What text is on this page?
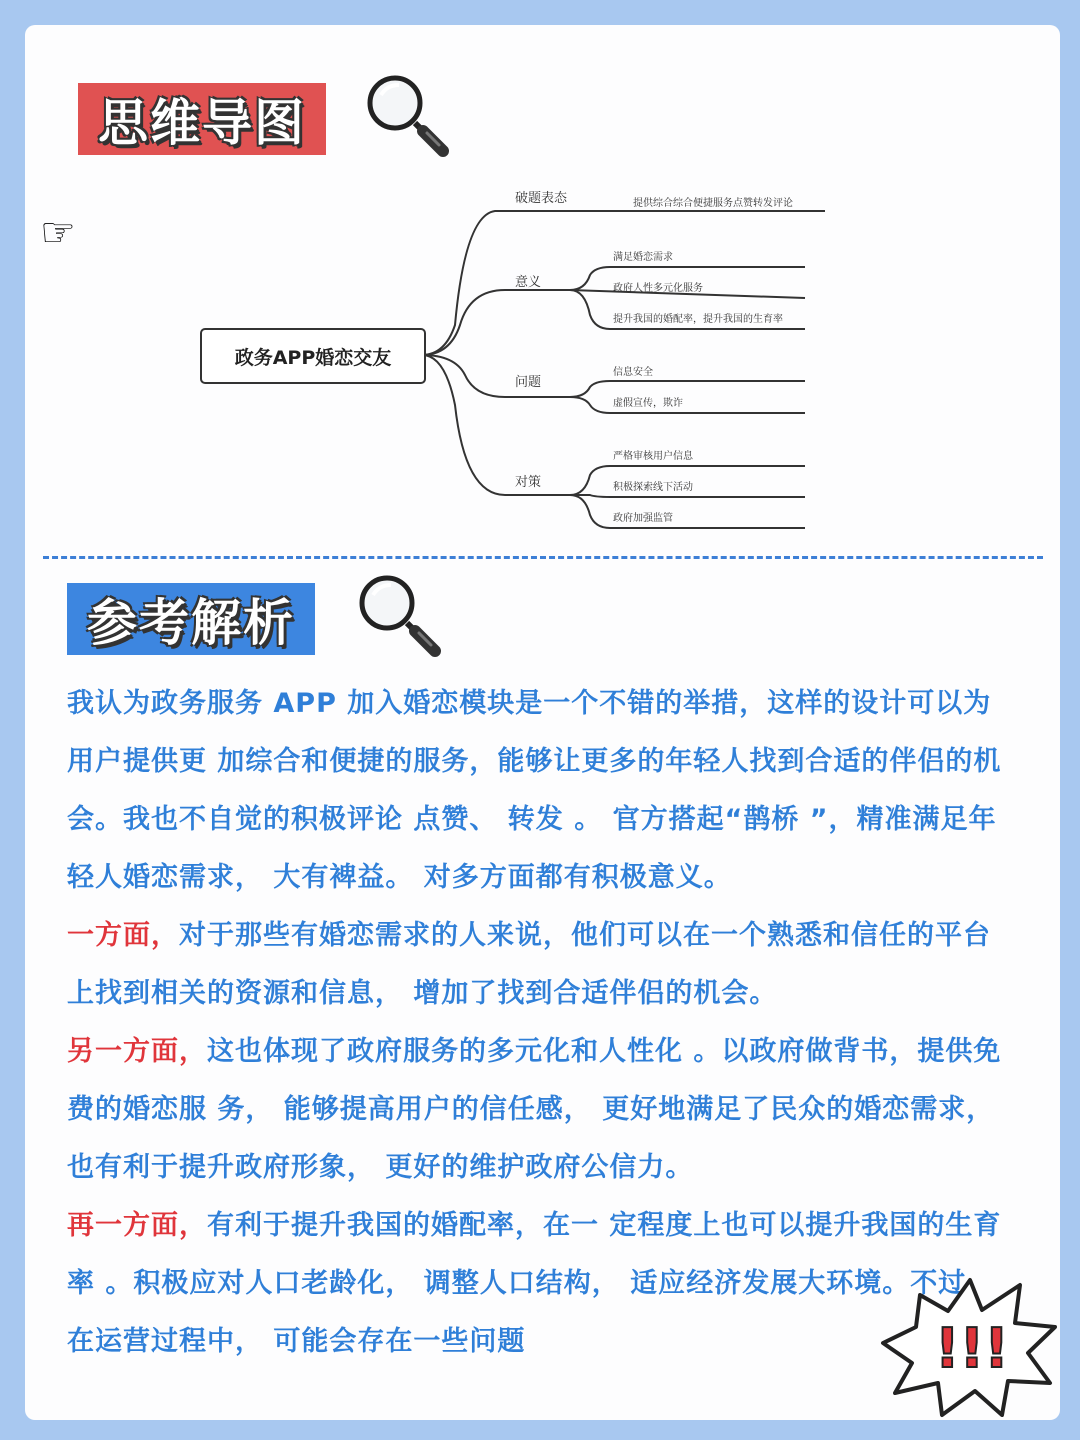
思维导图
☞
政务APP婚恋交友
破题表态	提供综合综合便捷服务点赞转发评论
意义
满足婚恋需求
政府人性多元化服务
提升我国的婚配率，提升我国的生育率
问题
信息安全
虚假宣传，欺诈
对策
严格审核用户信息
积极探索线下活动
政府加强监管
参考解析
我认为政务服务 APP 加入婚恋模块是一个不错的举措，这样的设计可以为用户提供更 加综合和便捷的服务，能够让更多的年轻人找到合适的伴侣的机会。我也不自觉的积极评论 点赞、 转发 。 官方搭起“鹊桥 ”，精准满足年轻人婚恋需求， 大有裨益。 对多方面都有积极意义。
一方面，对于那些有婚恋需求的人来说，他们可以在一个熟悉和信任的平台上找到相关的资源和信息， 增加了找到合适伴侣的机会。
另一方面，这也体现了政府服务的多元化和人性化 。以政府做背书，提供免费的婚恋服 务， 能够提高用户的信任感， 更好地满足了民众的婚恋需求，也有利于提升政府形象， 更好的维护政府公信力。
再一方面，有利于提升我国的婚配率，在一 定程度上也可以提升我国的生育率 。积极应对人口老龄化， 调整人口结构， 适应经济发展大环境。不过， 在运营过程中， 可能会存在一些问题	!!!
